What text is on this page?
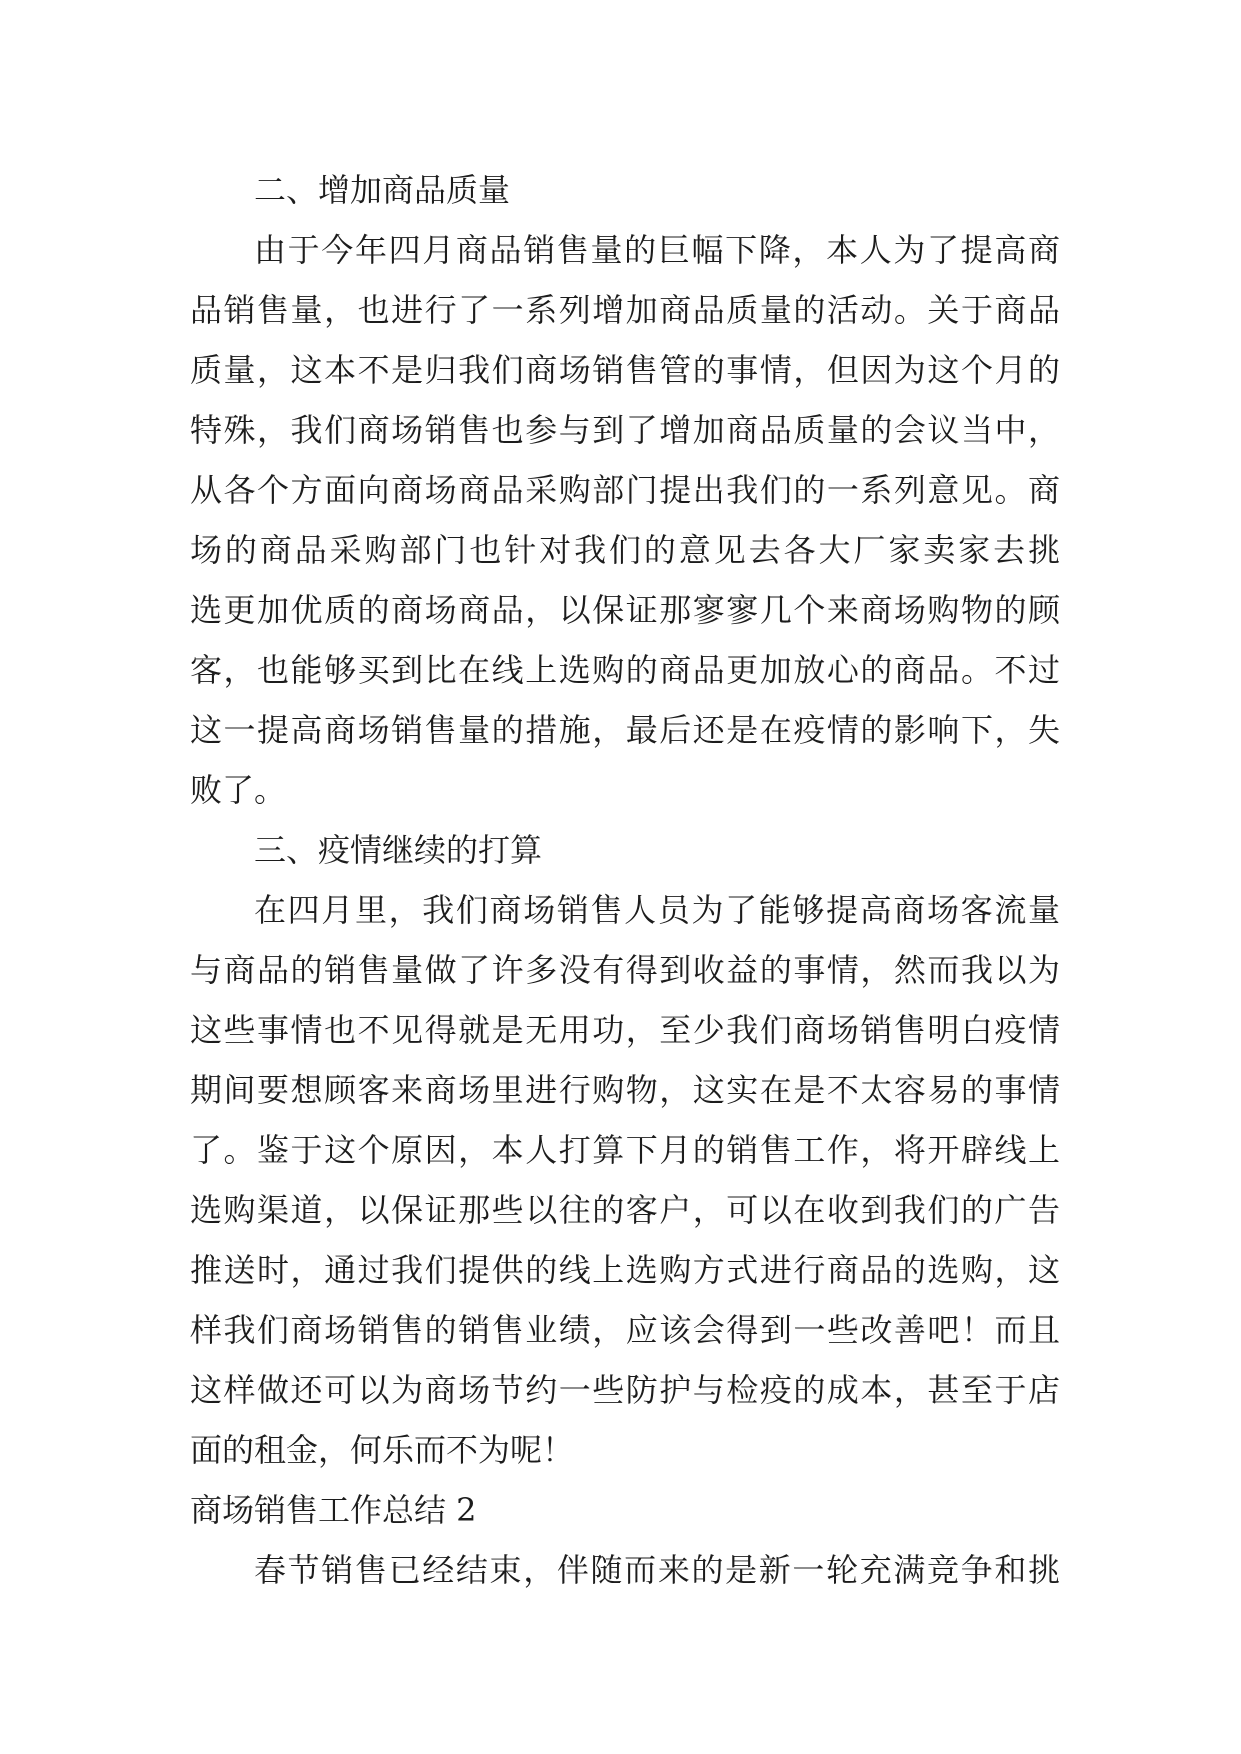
二、增加商品质量
由于今年四月商品销售量的巨幅下降，本人为了提高商
品销售量，也进行了一系列增加商品质量的活动。关于商品
质量，这本不是归我们商场销售管的事情，但因为这个月的
特殊，我们商场销售也参与到了增加商品质量的会议当中，
从各个方面向商场商品采购部门提出我们的一系列意见。商
场的商品采购部门也针对我们的意见去各大厂家卖家去挑
选更加优质的商场商品，以保证那寥寥几个来商场购物的顾
客，也能够买到比在线上选购的商品更加放心的商品。不过
这一提高商场销售量的措施，最后还是在疫情的影响下，失
败了。
三、疫情继续的打算
在四月里，我们商场销售人员为了能够提高商场客流量
与商品的销售量做了许多没有得到收益的事情，然而我以为
这些事情也不见得就是无用功，至少我们商场销售明白疫情
期间要想顾客来商场里进行购物，这实在是不太容易的事情
了。鉴于这个原因，本人打算下月的销售工作，将开辟线上
选购渠道，以保证那些以往的客户，可以在收到我们的广告
推送时，通过我们提供的线上选购方式进行商品的选购，这
样我们商场销售的销售业绩，应该会得到一些改善吧！而且
这样做还可以为商场节约一些防护与检疫的成本，甚至于店
面的租金，何乐而不为呢！
商场销售工作总结 2
春节销售已经结束，伴随而来的是新一轮充满竞争和挑
